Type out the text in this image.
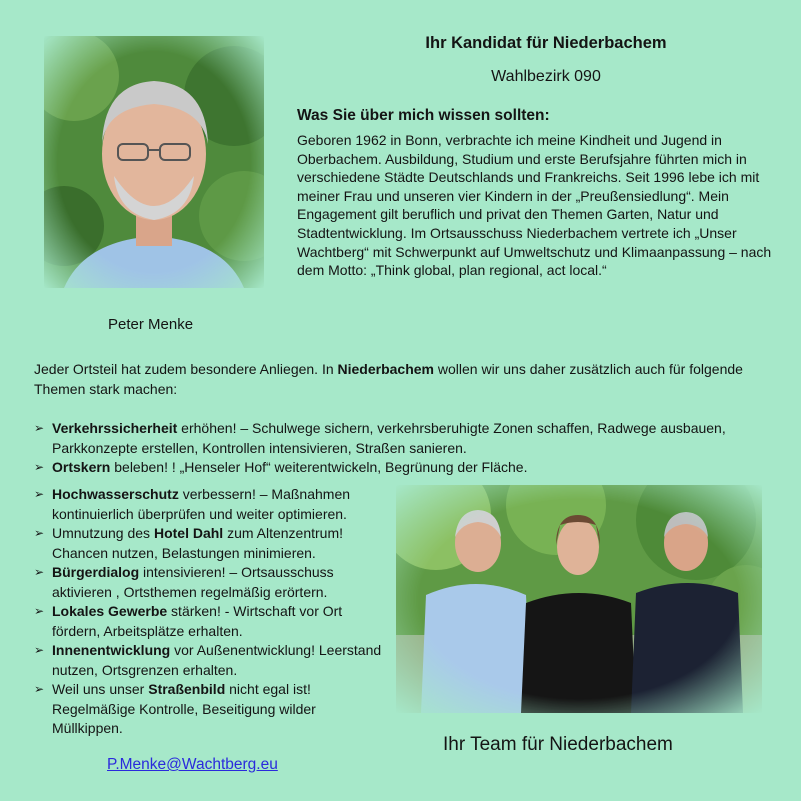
Ihr Kandidat für Niederbachem
Wahlbezirk 090
Peter Menke
Was Sie über mich wissen sollten:
Geboren 1962 in Bonn, verbrachte ich meine Kindheit und Jugend in Oberbachem. Ausbildung, Studium und erste Berufsjahre führten mich in verschiedene Städte Deutschlands und Frankreichs. Seit 1996 lebe ich mit meiner Frau und unseren vier Kindern in der „Preußensiedlung“. Mein Engagement gilt beruflich und privat den Themen Garten, Natur und Stadtentwicklung. Im Ortsausschuss Niederbachem vertrete ich „Unser Wachtberg“ mit Schwerpunkt auf Umweltschutz und Klimaanpassung – nach dem Motto: „Think global, plan regional, act local.“
Jeder Ortsteil hat zudem besondere Anliegen. In Niederbachem wollen wir uns daher zusätzlich auch für folgende Themen stark machen:
➢ Verkehrssicherheit erhöhen! – Schulwege sichern, verkehrsberuhigte Zonen schaffen, Radwege ausbauen, Parkkonzepte erstellen, Kontrollen intensivieren, Straßen sanieren.
➢ Ortskern beleben! ! „Henseler Hof“ weiterentwickeln, Begrünung der Fläche.
➢ Hochwasserschutz verbessern! – Maßnahmen kontinuierlich überprüfen und weiter optimieren.
➢ Umnutzung des Hotel Dahl zum Altenzentrum! Chancen nutzen, Belastungen minimieren.
➢ Bürgerdialog intensivieren! – Ortsausschuss aktivieren , Ortsthemen regelmäßig erörtern.
➢ Lokales Gewerbe stärken! - Wirtschaft vor Ort fördern, Arbeitsplätze erhalten.
➢ Innenentwicklung vor Außenentwicklung! Leerstand nutzen, Ortsgrenzen erhalten.
➢ Weil uns unser Straßenbild nicht egal ist! Regelmäßige Kontrolle, Beseitigung wilder Müllkippen.
Ihr Team für Niederbachem
P.Menke@Wachtberg.eu
